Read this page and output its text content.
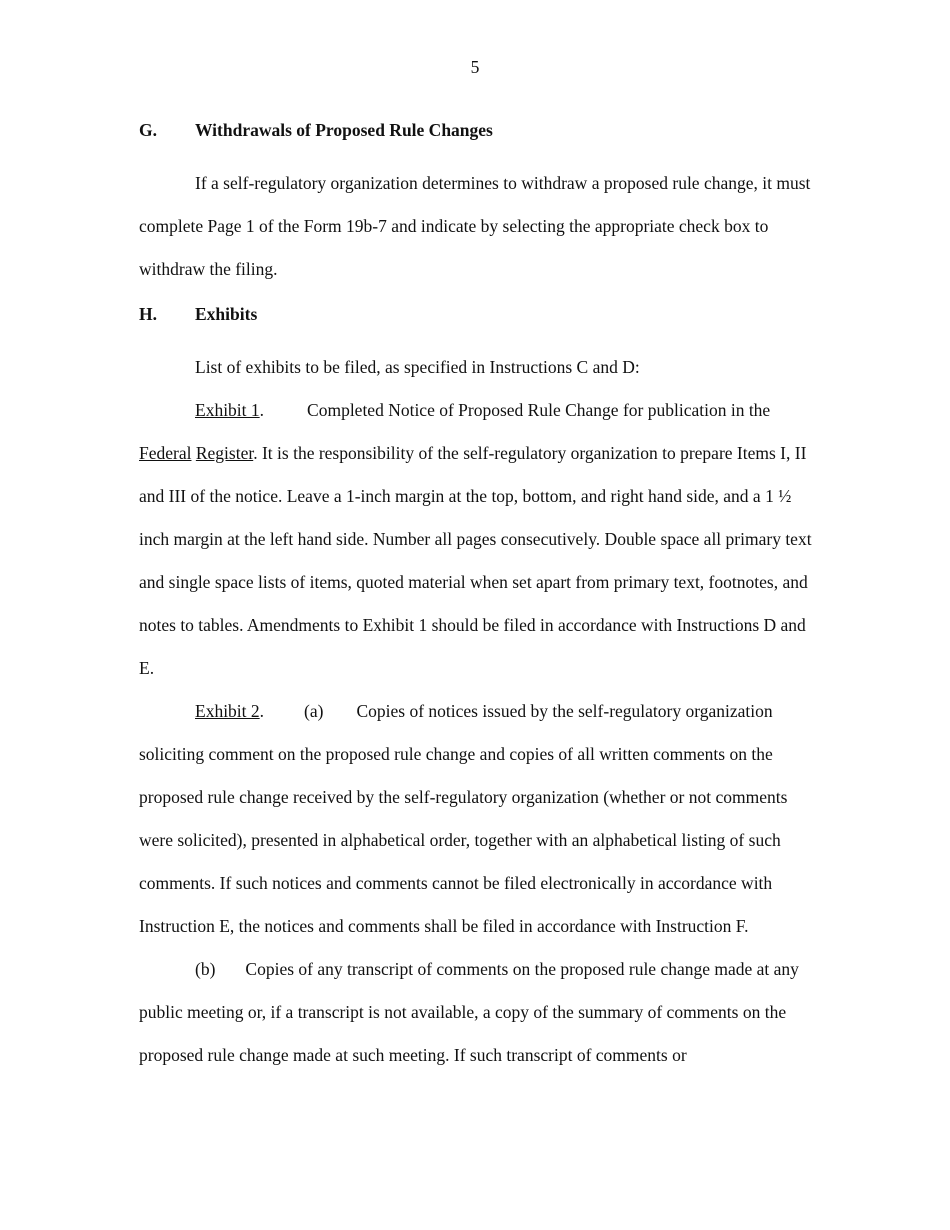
5

G. Withdrawals of Proposed Rule Changes

If a self-regulatory organization determines to withdraw a proposed rule change, it must complete Page 1 of the Form 19b-7 and indicate by selecting the appropriate check box to withdraw the filing.

H. Exhibits

List of exhibits to be filed, as specified in Instructions C and D:

Exhibit 1. Completed Notice of Proposed Rule Change for publication in the Federal Register. It is the responsibility of the self-regulatory organization to prepare Items I, II and III of the notice. Leave a 1-inch margin at the top, bottom, and right hand side, and a 1 ½ inch margin at the left hand side. Number all pages consecutively. Double space all primary text and single space lists of items, quoted material when set apart from primary text, footnotes, and notes to tables. Amendments to Exhibit 1 should be filed in accordance with Instructions D and E.

Exhibit 2. (a) Copies of notices issued by the self-regulatory organization soliciting comment on the proposed rule change and copies of all written comments on the proposed rule change received by the self-regulatory organization (whether or not comments were solicited), presented in alphabetical order, together with an alphabetical listing of such comments. If such notices and comments cannot be filed electronically in accordance with Instruction E, the notices and comments shall be filed in accordance with Instruction F.

(b) Copies of any transcript of comments on the proposed rule change made at any public meeting or, if a transcript is not available, a copy of the summary of comments on the proposed rule change made at such meeting. If such transcript of comments or
